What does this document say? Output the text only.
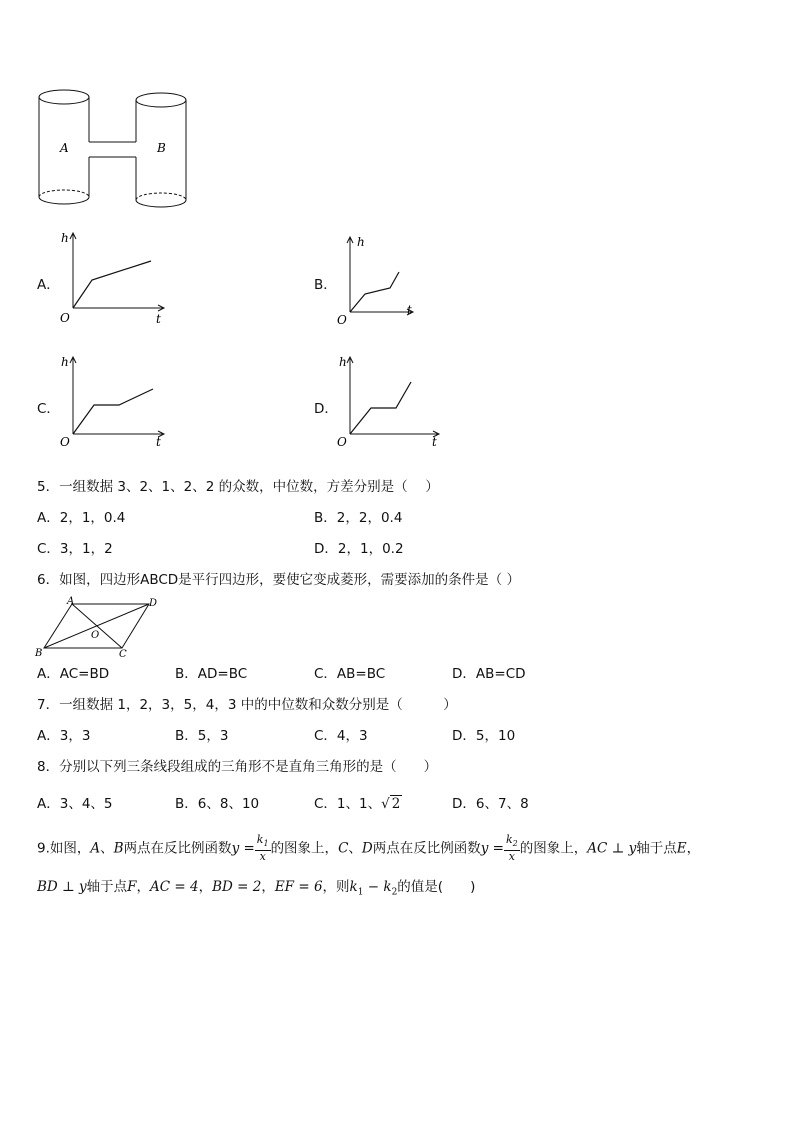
A	B
A．
h
t
O
B．
h
t
O
C．
h
t
O
D．
h
t
O
5．一组数据 3、2、1、2、2 的众数，中位数，方差分别是（　 ）
A．2，1，0.4	B．2，2，0.4
C．3，1，2	D．2，1，0.2
6．如图，四边形ABCD是平行四边形，要使它变成菱形，需要添加的条件是（ ）
A	D
B	C
O
A．AC=BD	B．AD=BC	C．AB=BC	D．AB=CD
7．一组数据 1，2，3，5，4，3 中的中位数和众数分别是（　　　）
A．3，3	B．5，3	C．4，3	D．5，10
8．分别以下列三条线段组成的三角形不是直角三角形的是（　　）
A．3、4、5	B．6、8、10	C．1、1、√ 2	D．6、7、8
9.如图，A、B两点在反比例函数$y = \frac{k_1}{x}$ 的图象上，C、D两点在反比例函数$y = \frac{k_2}{x}$ 的图象上，AC ⊥ y轴于点E，
BD ⊥ y轴于点F，AC = 4，BD = 2，EF = 6，则$k_1 - k_2$的值是(　　)
